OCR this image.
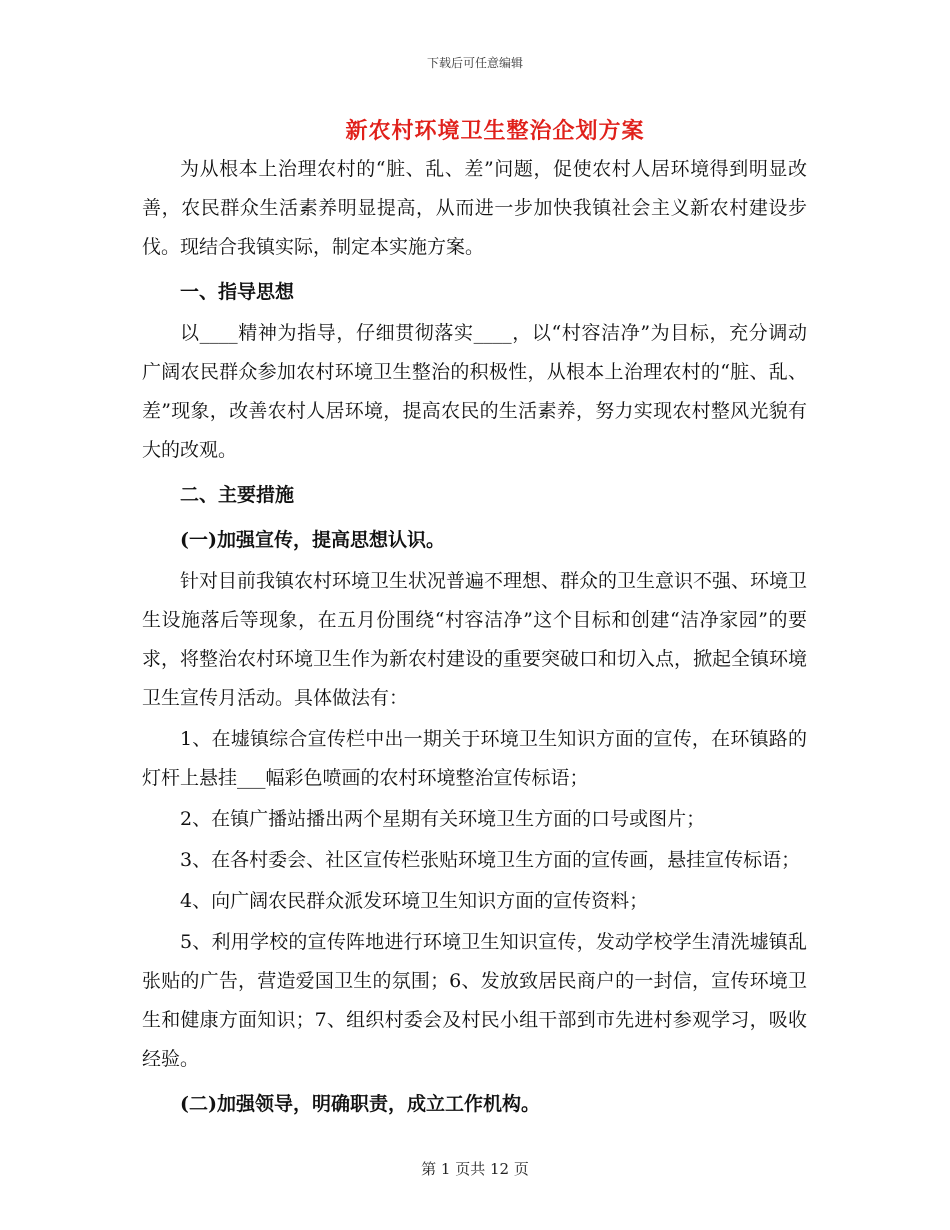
下载后可任意编辑
新农村环境卫生整治企划方案

为从根本上治理农村的“脏、乱、差”问题，促使农村人居环境得到明显改善，农民群众生活素养明显提高，从而进一步加快我镇社会主义新农村建设步伐。现结合我镇实际，制定本实施方案。

一、指导思想

以____精神为指导，仔细贯彻落实____，以“村容洁净”为目标，充分调动广阔农民群众参加农村环境卫生整治的积极性，从根本上治理农村的“脏、乱、差”现象，改善农村人居环境，提高农民的生活素养，努力实现农村整风光貌有大的改观。

二、主要措施

(一)加强宣传，提高思想认识。

针对目前我镇农村环境卫生状况普遍不理想、群众的卫生意识不强、环境卫生设施落后等现象，在五月份围绕“村容洁净”这个目标和创建“洁净家园”的要求，将整治农村环境卫生作为新农村建设的重要突破口和切入点，掀起全镇环境卫生宣传月活动。具体做法有：

1、在墟镇综合宣传栏中出一期关于环境卫生知识方面的宣传，在环镇路的灯杆上悬挂___幅彩色喷画的农村环境整治宣传标语；

2、在镇广播站播出两个星期有关环境卫生方面的口号或图片；

3、在各村委会、社区宣传栏张贴环境卫生方面的宣传画，悬挂宣传标语；

4、向广阔农民群众派发环境卫生知识方面的宣传资料；

5、利用学校的宣传阵地进行环境卫生知识宣传，发动学校学生清洗墟镇乱张贴的广告，营造爱国卫生的氛围；6、发放致居民商户的一封信，宣传环境卫生和健康方面知识；7、组织村委会及村民小组干部到市先进村参观学习，吸收经验。

(二)加强领导，明确职责，成立工作机构。

第 1 页共 12 页
